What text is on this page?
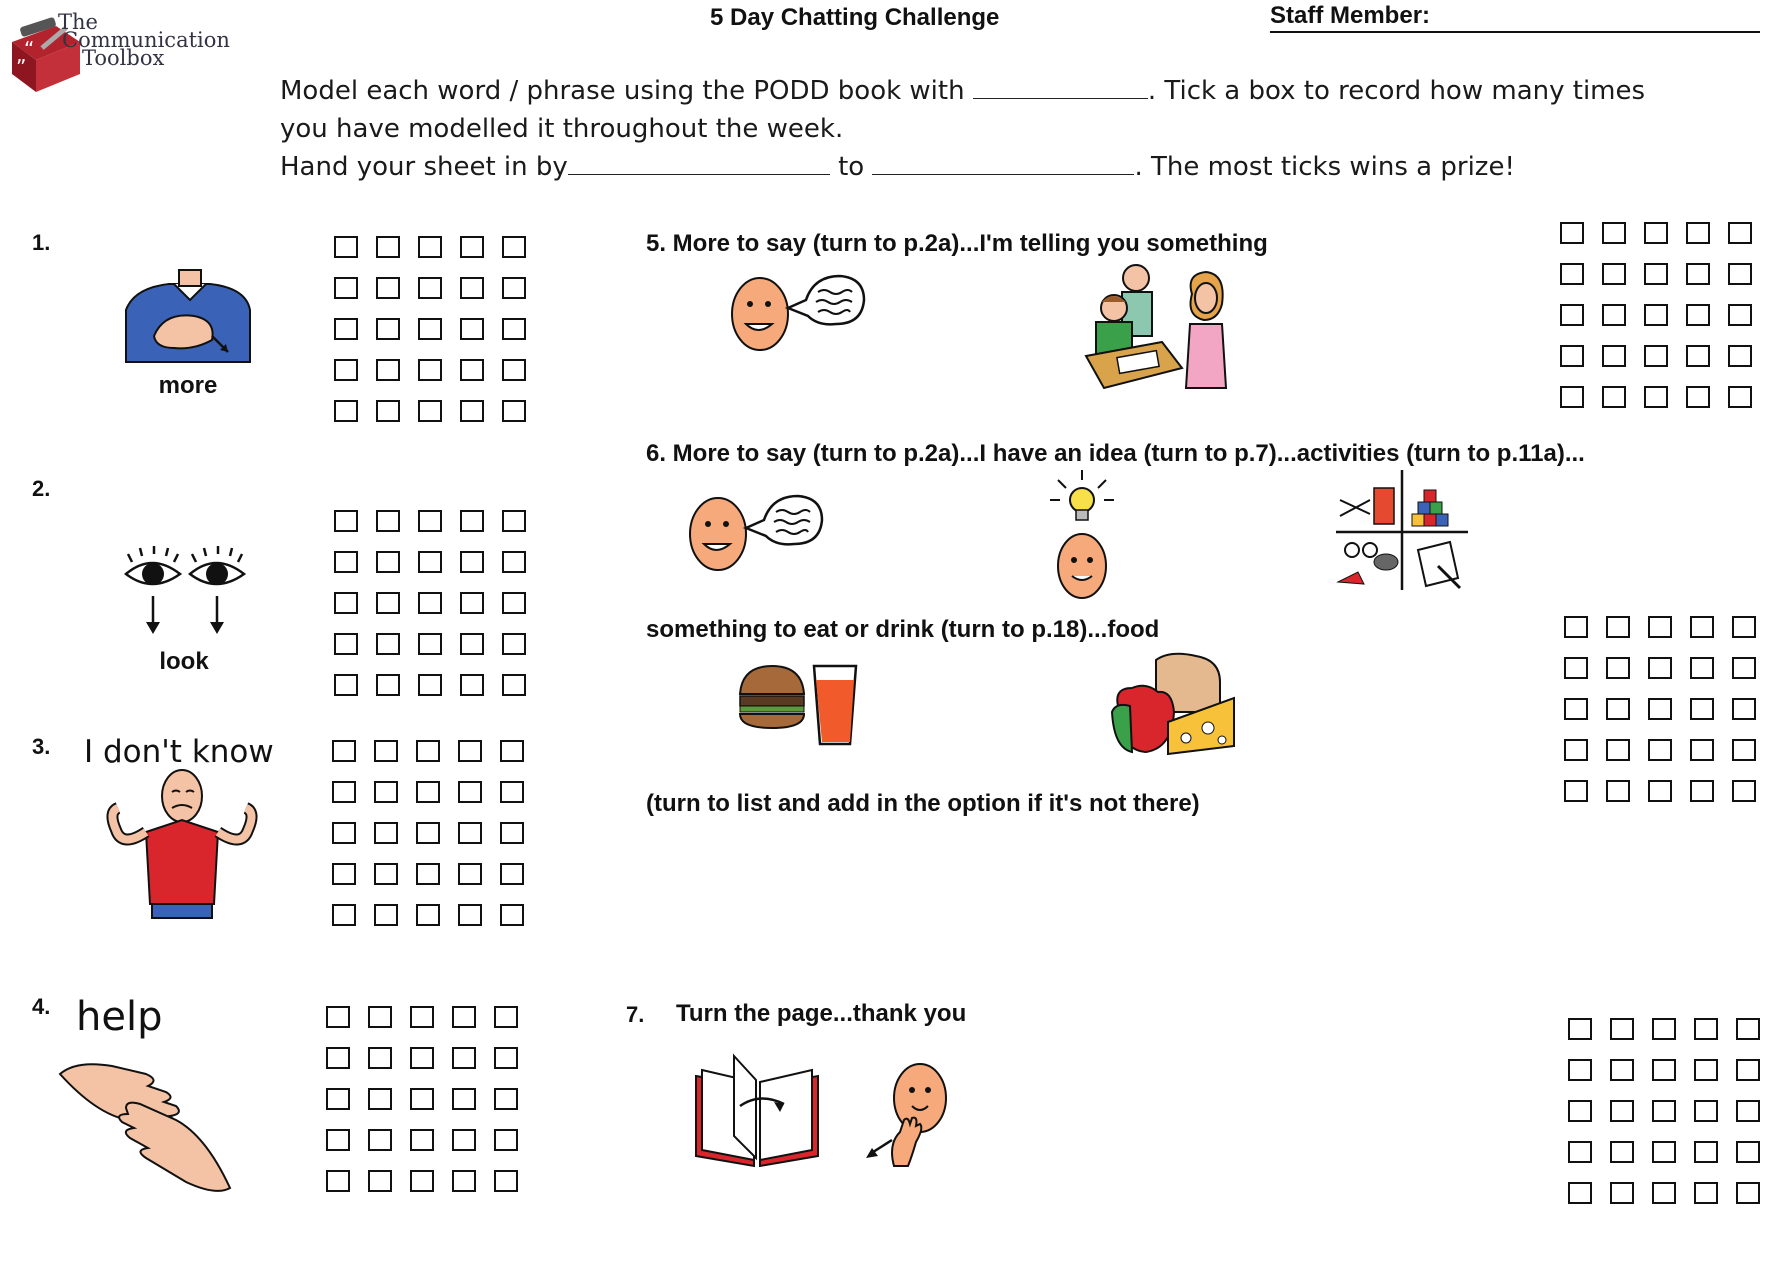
“
”
The
Communication
Toolbox
5 Day Chatting Challenge	Staff Member:
Model each word / phrase using the PODD book with	. Tick a box to record how many times
you have modelled it throughout the week.
Hand your sheet in by	to	. The most ticks wins a prize!
1.
more
2.
look
3. I don't know
4. help
5. More to say (turn to p.2a)...I'm telling you something
6. More to say (turn to p.2a)...I have an idea (turn to p.7)...activities (turn to p.11a)...
something to eat or drink (turn to p.18)...food
(turn to list and add in the option if it's not there)
7. Turn the page...thank you
